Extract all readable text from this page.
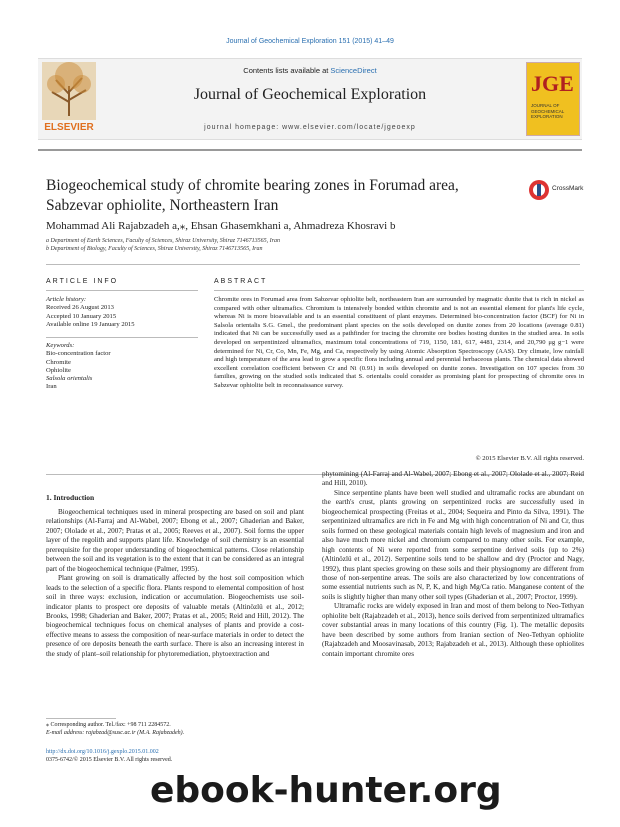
Journal of Geochemical Exploration 151 (2015) 41–49
ELSEVIER
Contents lists available at ScienceDirect
Journal of Geochemical Exploration
journal homepage: www.elsevier.com/locate/jgeoexp
JGE
JOURNAL OF GEOCHEMICAL EXPLORATION
Biogeochemical study of chromite bearing zones in Forumad area, Sabzevar ophiolite, Northeastern Iran
CrossMark
Mohammad Ali Rajabzadeh a,⁎, Ehsan Ghasemkhani a, Ahmadreza Khosravi b
a Department of Earth Sciences, Faculty of Sciences, Shiraz University, Shiraz 7146713565, Iran
b Department of Biology, Faculty of Sciences, Shiraz University, Shiraz 7146713565, Iran
ARTICLE INFO
Article history:
Received 26 August 2013
Accepted 10 January 2015
Available online 19 January 2015
Keywords:
Bio-concentration factor
Chromite
Ophiolite
Salsola orientalis
Iran
ABSTRACT
Chromite ores in Forumad area from Sabzevar ophiolite belt, northeastern Iran are surrounded by magmatic dunite that is rich in nickel as compared with other ultramafics. Chromium is intensively bonded within chromite and is not an essential element for plant's life cycle, whereas Ni is more bioavailable and is an essential constituent of plant enzymes. Determined bio-concentration factor (BCF) for Ni in Salsola orientalis S.G. Gmel., the predominant plant species on the soils developed on dunite zones from 20 locations (average 0.81) indicated that Ni can be successfully used as a pathfinder for tracing the chromite ore bodies hosting dunites in the studied area. In soils developed on serpentinized ultramafics, maximum total concentrations of 719, 1150, 181, 617, 4481, 2314, and 20,790 μg g−1 were determined for Ni, Cr, Co, Mn, Fe, Mg, and Ca, respectively by using Atomic Absorption Spectroscopy (AAS). Dry climate, low rainfall and high temperature of the area lead to grow a specific flora including annual and perennial herbaceous plants. The chemical data showed excellent correlation coefficient between Cr and Ni (0.91) in soils developed on dunite zones. Investigation on 107 species from 30 families, growing on the studied soils indicated that S. orientalis could consider as promising plant for prospecting of chromite ores in Sabzevar ophiolite belt in reconnaissance survey.
© 2015 Elsevier B.V. All rights reserved.
1. Introduction

Biogeochemical techniques used in mineral prospecting are based on soil and plant relationships (Al-Farraj and Al-Wabel, 2007; Ebong et al., 2007; Ghaderian and Baker, 2007; Ololade et al., 2007; Pratas et al., 2005; Reeves et al., 2007). Soil forms the upper layer of the regolith and supports plant life. Knowledge of soil chemistry is an essential prerequisite for the proper understanding of biogeochemical patterns. Close relationship between the soil and its vegetation is to the extent that it can be considered as an integral part of the biogeochemical technique (Palmer, 1995).

Plant growing on soil is dramatically affected by the host soil composition which leads to the selection of a specific flora. Plants respond to elemental composition of host soil in three ways: exclusion, indication or accumulation. Biogeochemists use soil-indicator plants to prospect ore deposits of valuable metals (Altinözlü et al., 2012; Brooks, 1998; Ghaderian and Baker, 2007; Pratas et al., 2005; Reid and Hill, 2012). The biogeochemical techniques focus on chemical analyses of plants and provide a cost-effective means to assess the composition of near-surface materials in order to detect the presence of ore deposits beneath the earth surface. There is also an increasing interest in the study of plant–soil relationship for phytoremediation, phytoextraction and

phytomining (Al-Farraj and Al-Wabel, 2007; Ebong et al., 2007; Ololade et al., 2007; Reid and Hill, 2010).

Since serpentine plants have been well studied and ultramafic rocks are abundant on the earth's crust, plants growing on serpentinized rocks are successfully used in biogeochemical prospecting (Freitas et al., 2004; Sequeira and Pinto da Silva, 1991). The serpentinized ultramafics are rich in Fe and Mg with high concentration of Ni and Cr, thus soils formed on these geological materials contain high levels of magnesium and iron and also have much more nickel and chromium compared to many other soils. For example, high contents of Ni were reported from some serpentine derived soils (up to 2%) (Altinözlü et al., 2012). Serpentine soils tend to be shallow and dry (Proctor and Nagy, 1992), thus plant species growing on these soils and their physiognomy are different from those of non-serpentine areas. The soils are also characterized by low concentrations of some essential nutrients such as N, P, K, and high Mg/Ca ratio. Manganese content of the soils is slightly higher than many other soil types (Ghaderian et al., 2007; Proctor, 1999).

Ultramafic rocks are widely exposed in Iran and most of them belong to Neo-Tethyan ophiolite belt (Rajabzadeh et al., 2013), hence soils derived from serpentinized ultramafics cover substantial areas in many locations of this country (Fig. 1). The metallic deposits have been described by some authors from Iranian section of Neo-Tethyan ophiolite (Rajabzadeh and Moosavinasab, 2013; Rajabzadeh et al., 2013). Although these ophiolites contain important chromite ores

⁎ Corresponding author. Tel./fax: +98 711 2284572.
E-mail address: rajabzad@susc.ac.ir (M.A. Rajabzadeh).
http://dx.doi.org/10.1016/j.gexplo.2015.01.002
0375-6742/© 2015 Elsevier B.V. All rights reserved.
ebook-hunter.org
